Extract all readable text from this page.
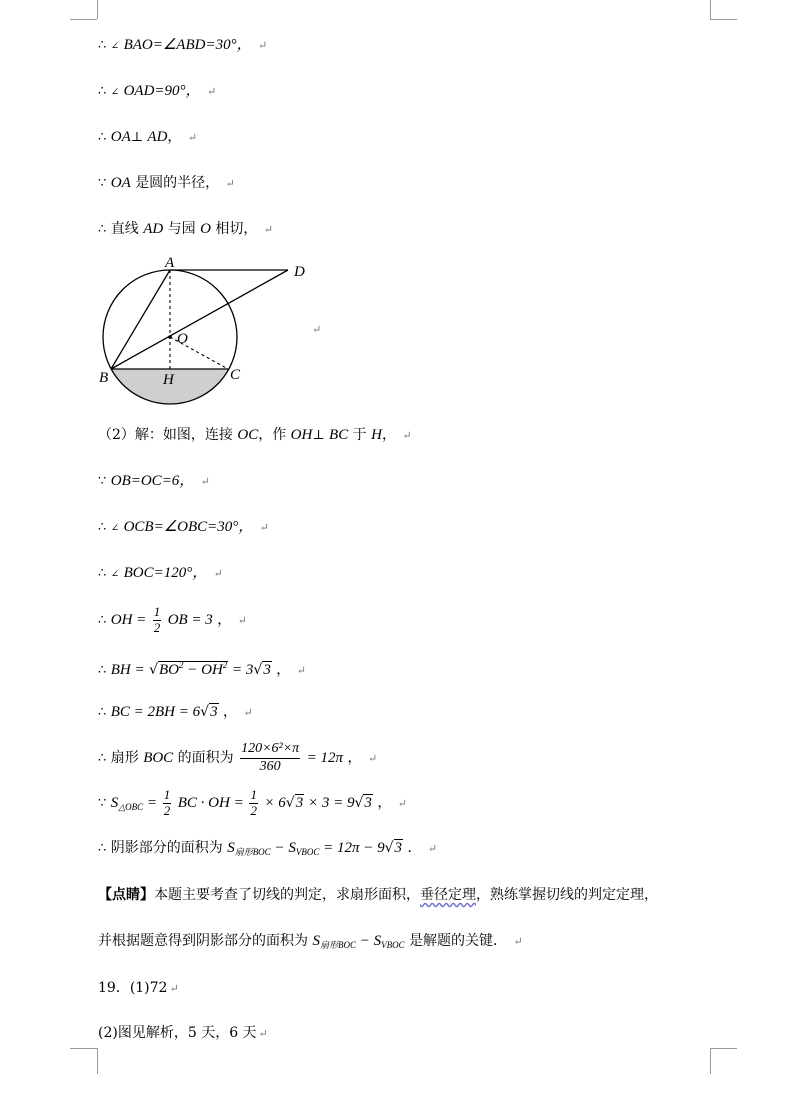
∴ ∠ BAO=∠ABD=30°， ↵
∴ ∠ OAD=90°， ↵
∴ OA⊥ AD， ↵
∵ OA 是圆的半径， ↵
∴ 直线 AD 与园 O 相切， ↵
A
D
O
B	H	C
↵
（2）解：如图，连接 OC，作 OH⊥ BC 于 H， ↵
∵ OB=OC=6， ↵
∴ ∠ OCB=∠OBC=30°， ↵
∴ ∠ BOC=120°， ↵
∴ OH = $\frac{1}{2}$ OB = 3 ， ↵
∴ BH = $√BO^2 - OH^2 = 3√3$ ， ↵
∴ BC = 2BH = 6√3 ， ↵
∴ 扇形 BOC 的面积为 $\frac{\text{120×6²×π}}{360} = 12\pi$ ， ↵
∵ $S_{\triangle OBC} = \frac{1}{2}$ BC · OH = $\frac{1}{2} \times 6√3 \times 3 = 9√3$ ， ↵
∴ 阴影部分的面积为 $S_{扇形BOC} - S_{VBOC} = 12\pi - 9√3$ ． ↵
【点睛】本题主要考查了切线的判定，求扇形面积，垂径定理，熟练掌握切线的判定定理，
并根据题意得到阴影部分的面积为 $S_{扇形BOC} - S_{VBOC}$ 是解题的关键． ↵
19．(1)72 ↵
(2)图见解析，5 天，6 天 ↵
